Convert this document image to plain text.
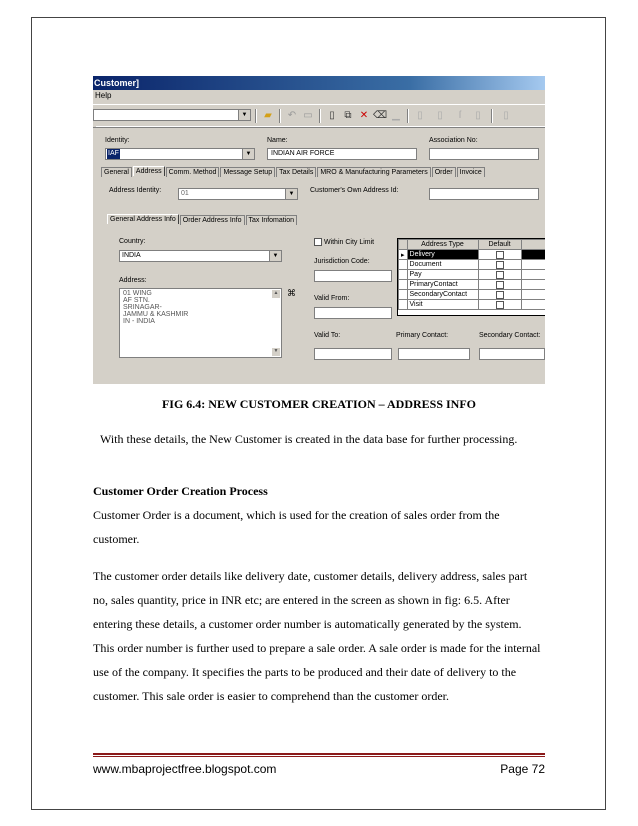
Customer]
Help
▼	▰	↶ ▭	▯ ⧉ ✕ ⌫ ▁	▯	▯	ſ	▯	▯
Identity:
IAF	▼
Name:
INDIAN AIR FORCE
Association No:
General Address Comm. Method Message Setup Tax Details MRO & Manufacturing Parameters Order Invoice
Address Identity:	01	▼	Customer's Own Address Id:
General Address Info Order Address Info Tax Infomation
Country:
INDIA	▼
Address:
01 WING
AF STN.
SRINAGAR-
JAMMU & KASHMIR
IN - INDIA
▲
▼
⌘
Within City Limit
Jurisdiction Code:
Valid From:
Valid To:	Primary Contact:	Secondary Contact:
	Address Type	Default	
▸	Delivery		
	Document		
	Pay		
	PrimaryContact		
	SecondaryContact		
	Visit		
FIG 6.4: NEW CUSTOMER CREATION – ADDRESS INFO
With these details, the New Customer is created in the data base for further processing.
Customer Order Creation Process
Customer Order is a document, which is used for the creation of sales order from the customer.
The customer order details like delivery date, customer details, delivery address, sales part no, sales quantity, price in INR etc; are entered in the screen as shown in fig: 6.5. After entering these details, a customer order number is automatically generated by the system. This order number is further used to prepare a sale order. A sale order is made for the internal use of the company. It specifies the parts to be produced and their date of delivery to the customer. This sale order is easier to comprehend than the customer order.
www.mbaprojectfree.blogspot.com	Page 72
